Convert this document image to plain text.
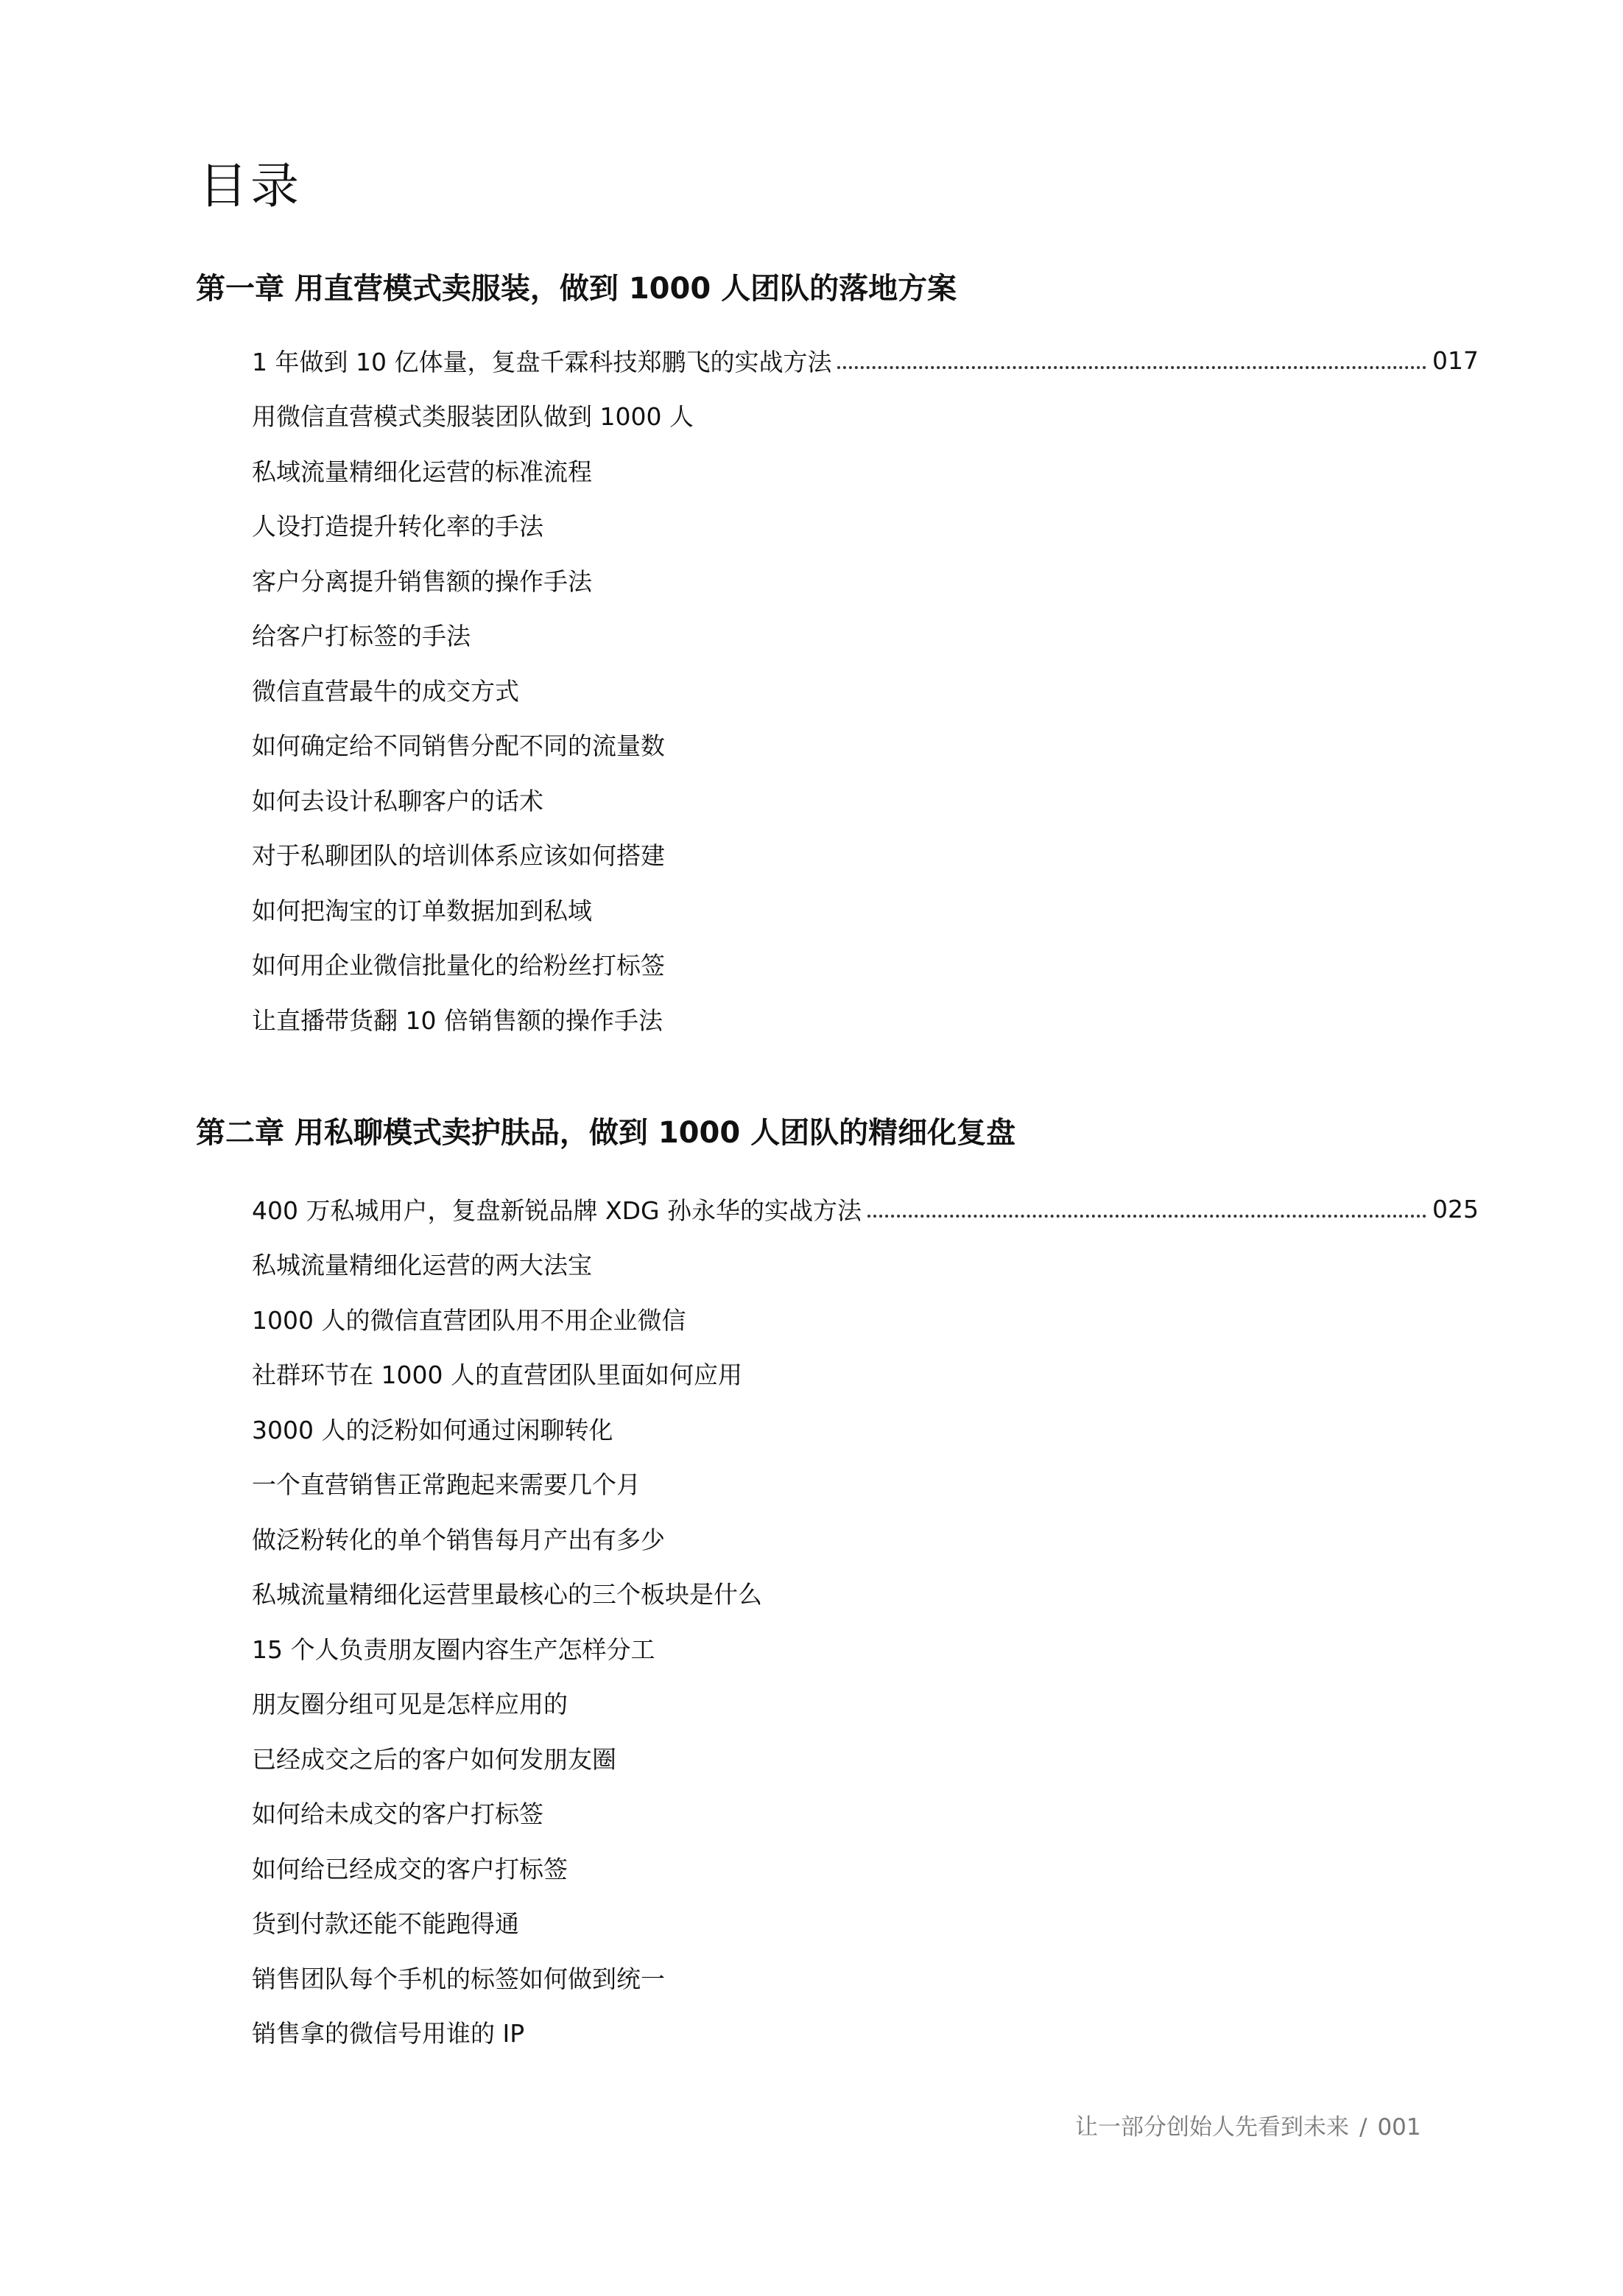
目录
第一章 用直营模式卖服装，做到 1000 人团队的落地方案
1 年做到 10 亿体量，复盘千霖科技郑鹏飞的实战方法	017
用微信直营模式类服装团队做到 1000 人
私域流量精细化运营的标准流程
人设打造提升转化率的手法
客户分离提升销售额的操作手法
给客户打标签的手法
微信直营最牛的成交方式
如何确定给不同销售分配不同的流量数
如何去设计私聊客户的话术
对于私聊团队的培训体系应该如何搭建
如何把淘宝的订单数据加到私域
如何用企业微信批量化的给粉丝打标签
让直播带货翻 10 倍销售额的操作手法
第二章 用私聊模式卖护肤品，做到 1000 人团队的精细化复盘
400 万私城用户，复盘新锐品牌 XDG 孙永华的实战方法	025
私城流量精细化运营的两大法宝
1000 人的微信直营团队用不用企业微信
社群环节在 1000 人的直营团队里面如何应用
3000 人的泛粉如何通过闲聊转化
一个直营销售正常跑起来需要几个月
做泛粉转化的单个销售每月产出有多少
私城流量精细化运营里最核心的三个板块是什么
15 个人负责朋友圈内容生产怎样分工
朋友圈分组可见是怎样应用的
已经成交之后的客户如何发朋友圈
如何给未成交的客户打标签
如何给已经成交的客户打标签
货到付款还能不能跑得通
销售团队每个手机的标签如何做到统一
销售拿的微信号用谁的 IP
让一部分创始人先看到未来 / 001
